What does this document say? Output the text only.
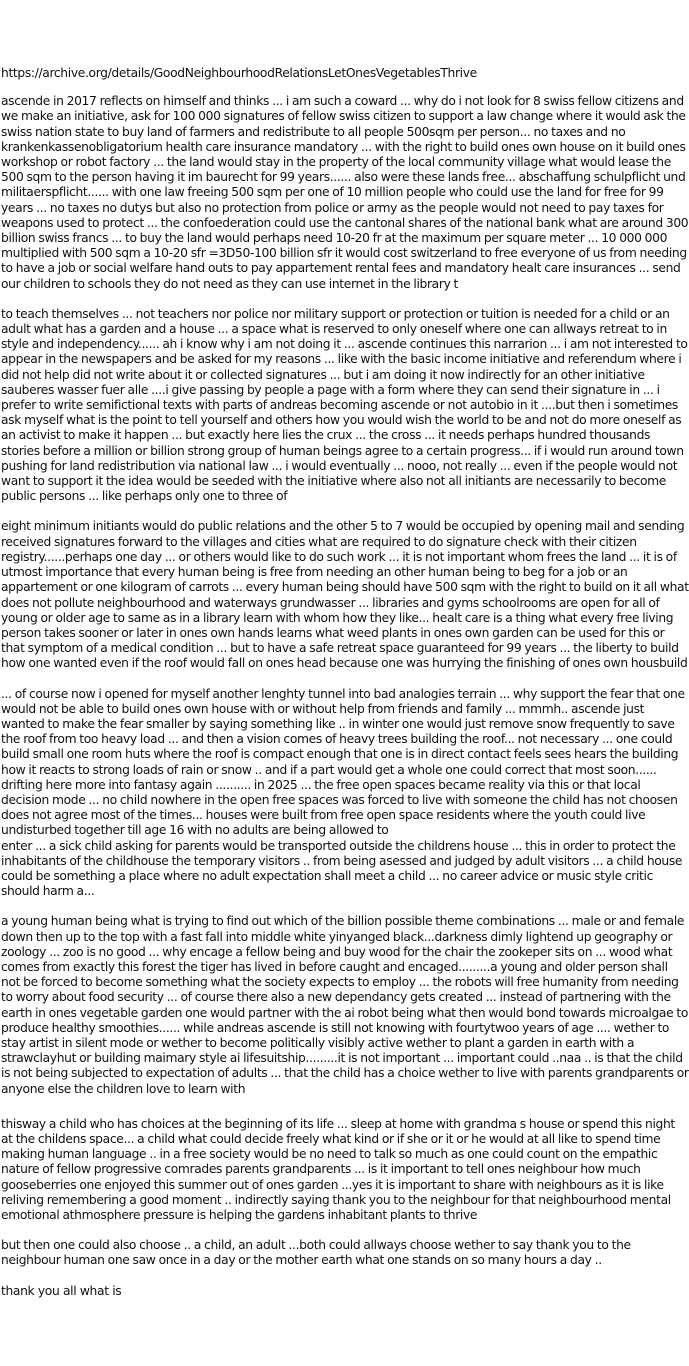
https://archive.org/details/GoodNeighbourhoodRelationsLetOnesVegetablesThrive

ascende in 2017 reflects on himself and thinks ... i am such a coward ... why do i not look for 8 swiss fellow citizens and we make an initiative, ask for 100 000 signatures of fellow swiss citizen to support a law change where it would ask the swiss nation state to buy land of farmers and redistribute to all people 500sqm per person... no taxes and no krankenkassenobligatorium health care insurance mandatory ... with the right to build ones own house on it build ones workshop or robot factory ... the land would stay in the property of the local community village what would lease the 500 sqm to the person having it im baurecht for 99 years...... also were these lands free... abschaffung schulpflicht und militaerspflicht...... with one law freeing 500 sqm per one of 10 million people who could use the land for free for 99 years ... no taxes no dutys but also no protection from police or army as the people would not need to pay taxes for weapons used to protect ... the confoederation could use the cantonal shares of the national bank what are around 300 billion swiss francs ... to buy the land would perhaps need 10-20 fr at the maximum per square meter ... 10 000 000 multiplied with 500 sqm a 10-20 sfr =3D50-100 billion sfr it would cost switzerland to free everyone of us from needing to have a job or social welfare hand outs to pay appartement rental fees and mandatory healt care insurances ... send our children to schools they do not need as they can use internet in the library t

to teach themselves ... not teachers nor police nor military support or protection or tuition is needed for a child or an adult what has a garden and a house ... a space what is reserved to only oneself where one can allways retreat to in style and independency...... ah i know why i am not doing it ... ascende continues this narrarion ... i am not interested to appear in the newspapers and be asked for my reasons ... like with the basic income initiative and referendum where i did not help did not write about it or collected signatures ... but i am doing it now indirectly for an other initiative sauberes wasser fuer alle ....i give passing by people a page with a form where they can send their signature in ... i prefer to write semifictional texts with parts of andreas becoming ascende or not autobio in it ....but then i sometimes ask myself what is the point to tell yourself and others how you would wish the world to be and not do more oneself as an activist to make it happen ... but exactly here lies the crux ... the cross ... it needs perhaps hundred thousands stories before a million or billion strong group of human beings agree to a certain progress... if i would run around town pushing for land redistribution via national law ... i would eventually ... nooo, not really ... even if the people would not want to support it the idea would be seeded with the initiative where also not all initiants are necessarily to become public persons ... like perhaps only one to three of

eight minimum initiants would do public relations and the other 5 to 7 would be occupied by opening mail and sending received signatures forward to the villages and cities what are required to do signature check with their citizen registry......perhaps one day ... or others would like to do such work ... it is not important whom frees the land ... it is of utmost importance that every human being is free from needing an other human being to beg for a job or an appartement or one kilogram of carrots ... every human being should have 500 sqm with the right to build on it all what does not pollute neighbourhood and waterways grundwasser ... libraries and gyms schoolrooms are open for all of young or older age to same as in a library learn with whom how they like... healt care is a thing what every free living person takes sooner or later in ones own hands learns what weed plants in ones own garden can be used for this or that symptom of a medical condition ... but to have a safe retreat space guaranteed for 99 years ... the liberty to build how one wanted even if the roof would fall on ones head because one was hurrying the finishing of ones own housbuild

... of course now i opened for myself another lenghty tunnel into bad analogies terrain ... why support the fear that one would not be able to build ones own house with or without help from friends and family ... mmmh.. ascende just wanted to make the fear smaller by saying something like .. in winter one would just remove snow frequently to save the roof from too heavy load ... and then a vision comes of heavy trees building the roof... not necessary ... one could build small one room huts where the roof is compact enough that one is in direct contact feels sees hears the building how it reacts to strong loads of rain or snow .. and if a part would get a whole one could correct that most soon...... drifting here more into fantasy again .......... in 2025 ... the free open spaces became reality via this or that local decision mode ... no child nowhere in the open free spaces was forced to live with someone the child has not choosen does not agree most of the times... houses were built from free open space residents where the youth could live undisturbed together till age 16 with no adults are being allowed to
enter ... a sick child asking for parents would be transported outside the childrens house ... this in order to protect the inhabitants of the childhouse the temporary visitors .. from being asessed and judged by adult visitors ... a child house could be something a place where no adult expectation shall meet a child ... no career advice or music style critic should harm a...

a young human being what is trying to find out which of the billion possible theme combinations ... male or and female down then up to the top with a fast fall into middle white yinyanged black...darkness dimly lightend up geography or zoology ... zoo is no good ... why encage a fellow being and buy wood for the chair the zookeper sits on ... wood what comes from exactly this forest the tiger has lived in before caught and encaged.........a young and older person shall not be forced to become something what the society expects to employ ... the robots will free humanity from needing to worry about food security ... of course there also a new dependancy gets created ... instead of partnering with the earth in ones vegetable garden one would partner with the ai robot being what then would bond towards microalgae to produce healthy smoothies...... while andreas ascende is still not knowing with fourtytwoo years of age .... wether to stay artist in silent mode or wether to become politically visibly active wether to plant a garden in earth with a strawclayhut or building maimary style ai lifesuitship.........it is not important ... important could ..naa .. is that the child is not being subjected to expectation of adults ... that the child has a choice wether to live with parents grandparents or anyone else the children love to learn with

thisway a child who has choices at the beginning of its life ... sleep at home with grandma s house or spend this night at the childens space... a child what could decide freely what kind or if she or it or he would at all like to spend time making human language .. in a free society would be no need to talk so much as one could count on the empathic nature of fellow progressive comrades parents grandparents ... is it important to tell ones neighbour how much gooseberries one enjoyed this summer out of ones garden ...yes it is important to share with neighbours as it is like reliving remembering a good moment .. indirectly saying thank you to the neighbour for that neighbourhood mental emotional athmosphere pressure is helping the gardens inhabitant plants to thrive

but then one could also choose .. a child, an adult ...both could allways choose wether to say thank you to the neighbour human one saw once in a day or the mother earth what one stands on so many hours a day ..

thank you all what is
